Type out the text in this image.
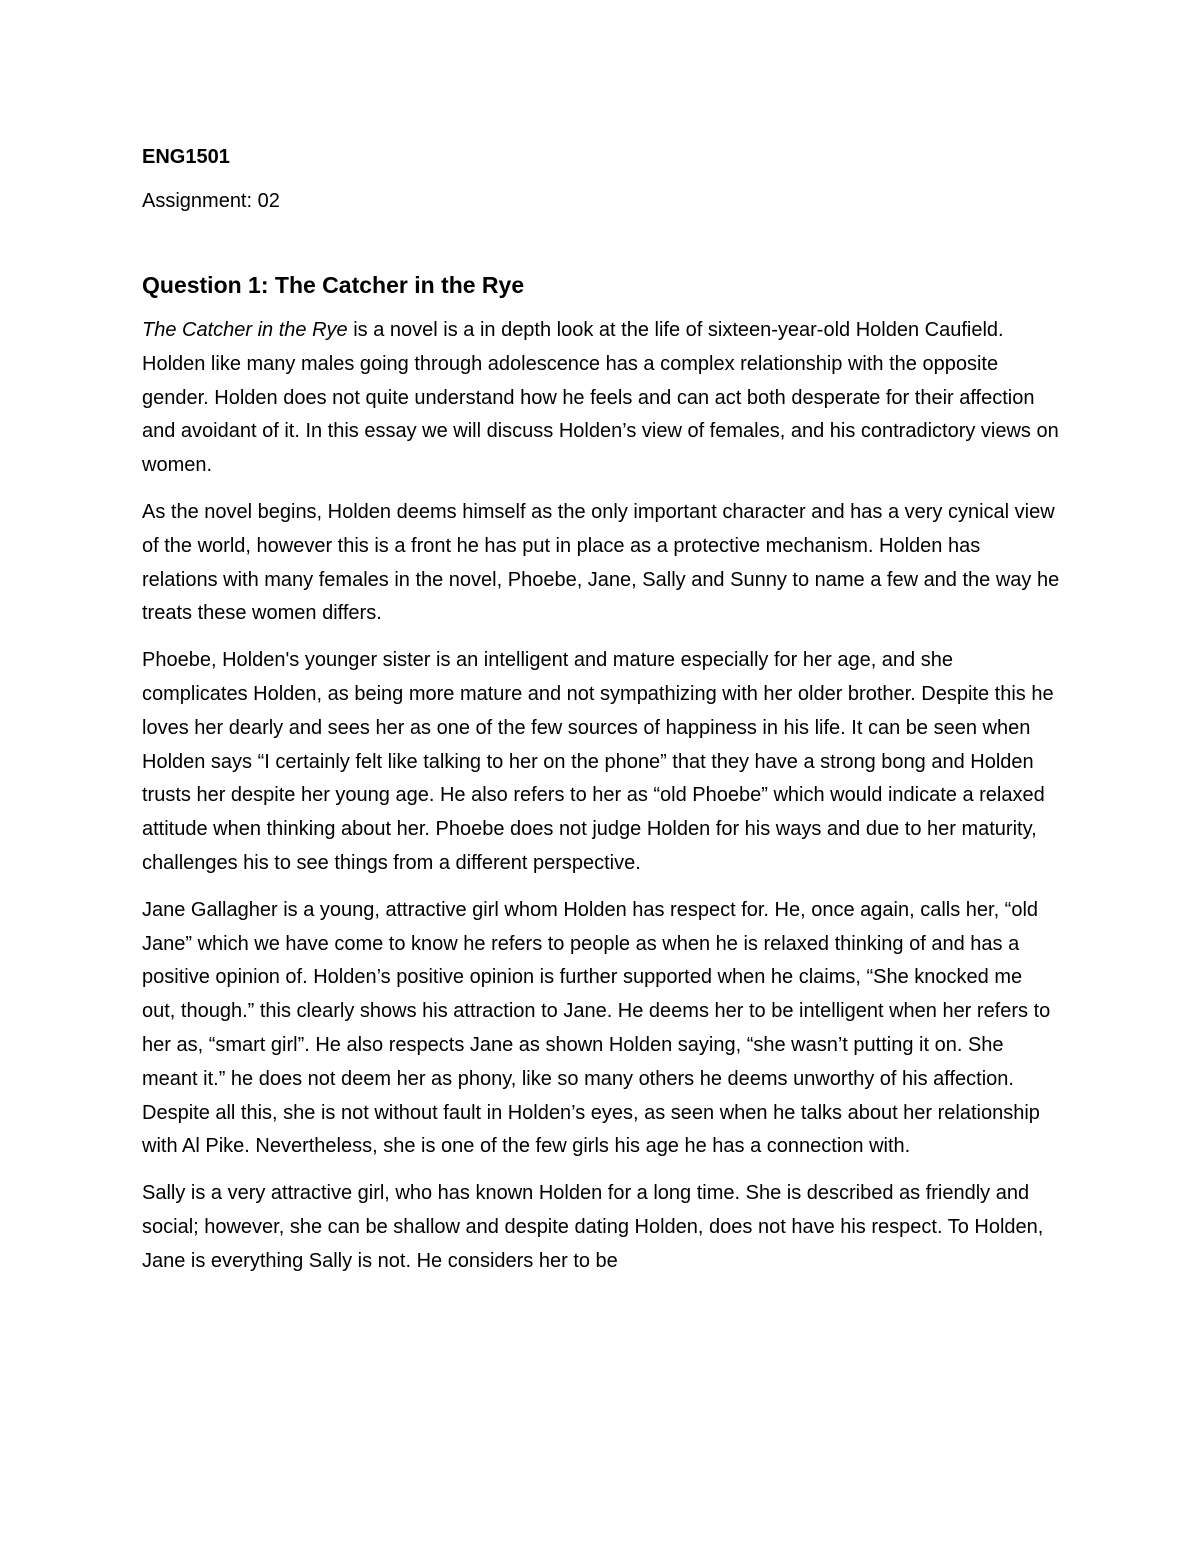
ENG1501
Assignment: 02
Question 1: The Catcher in the Rye

The Catcher in the Rye is a novel is a in depth look at the life of sixteen-year-old Holden Caufield. Holden like many males going through adolescence has a complex relationship with the opposite gender. Holden does not quite understand how he feels and can act both desperate for their affection and avoidant of it. In this essay we will discuss Holden’s view of females, and his contradictory views on women.

As the novel begins, Holden deems himself as the only important character and has a very cynical view of the world, however this is a front he has put in place as a protective mechanism. Holden has relations with many females in the novel, Phoebe, Jane, Sally and Sunny to name a few and the way he treats these women differs.

Phoebe, Holden's younger sister is an intelligent and mature especially for her age, and she complicates Holden, as being more mature and not sympathizing with her older brother. Despite this he loves her dearly and sees her as one of the few sources of happiness in his life. It can be seen when Holden says “I certainly felt like talking to her on the phone” that they have a strong bong and Holden trusts her despite her young age. He also refers to her as “old Phoebe” which would indicate a relaxed attitude when thinking about her. Phoebe does not judge Holden for his ways and due to her maturity, challenges his to see things from a different perspective.

Jane Gallagher is a young, attractive girl whom Holden has respect for. He, once again, calls her, “old Jane” which we have come to know he refers to people as when he is relaxed thinking of and has a positive opinion of. Holden’s positive opinion is further supported when he claims, “She knocked me out, though.” this clearly shows his attraction to Jane. He deems her to be intelligent when her refers to her as, “smart girl”. He also respects Jane as shown Holden saying, “she wasn’t putting it on. She meant it.” he does not deem her as phony, like so many others he deems unworthy of his affection. Despite all this, she is not without fault in Holden’s eyes, as seen when he talks about her relationship with Al Pike. Nevertheless, she is one of the few girls his age he has a connection with.

Sally is a very attractive girl, who has known Holden for a long time. She is described as friendly and social; however, she can be shallow and despite dating Holden, does not have his respect. To Holden, Jane is everything Sally is not. He considers her to be
